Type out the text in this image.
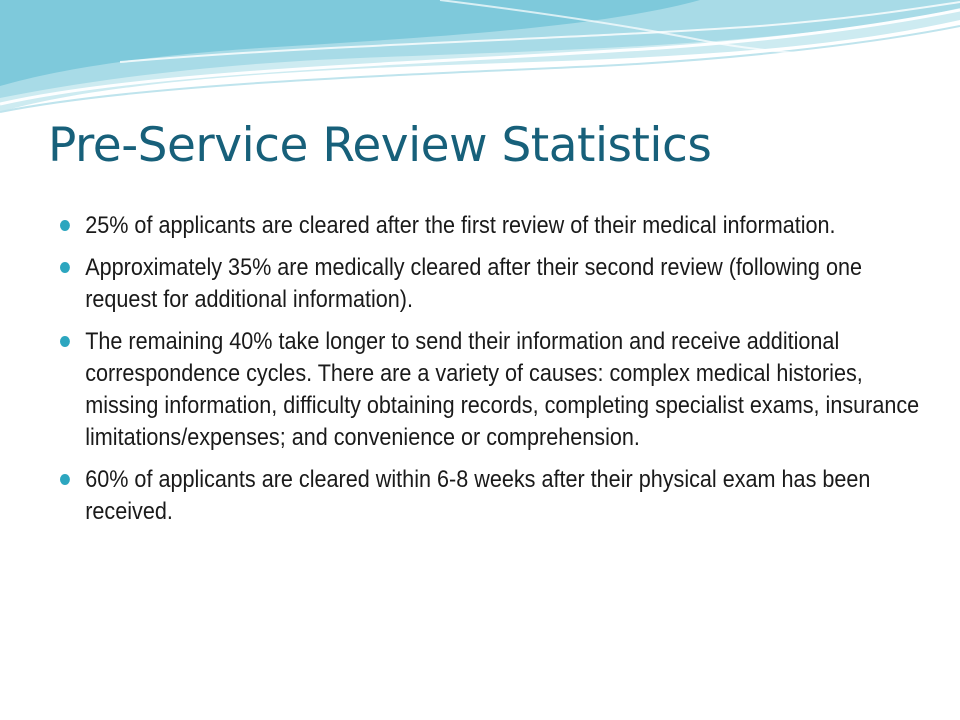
Pre-Service Review Statistics
25% of applicants are cleared after the first review of their medical information.
Approximately 35% are medically cleared after their second review (following one request for additional information).
The remaining 40% take longer to send their information and receive additional correspondence cycles. There are a variety of causes: complex medical histories, missing information, difficulty obtaining records, completing specialist exams, insurance limitations/expenses; and convenience or comprehension.
60% of applicants are cleared within 6-8 weeks after their physical exam has been received.
